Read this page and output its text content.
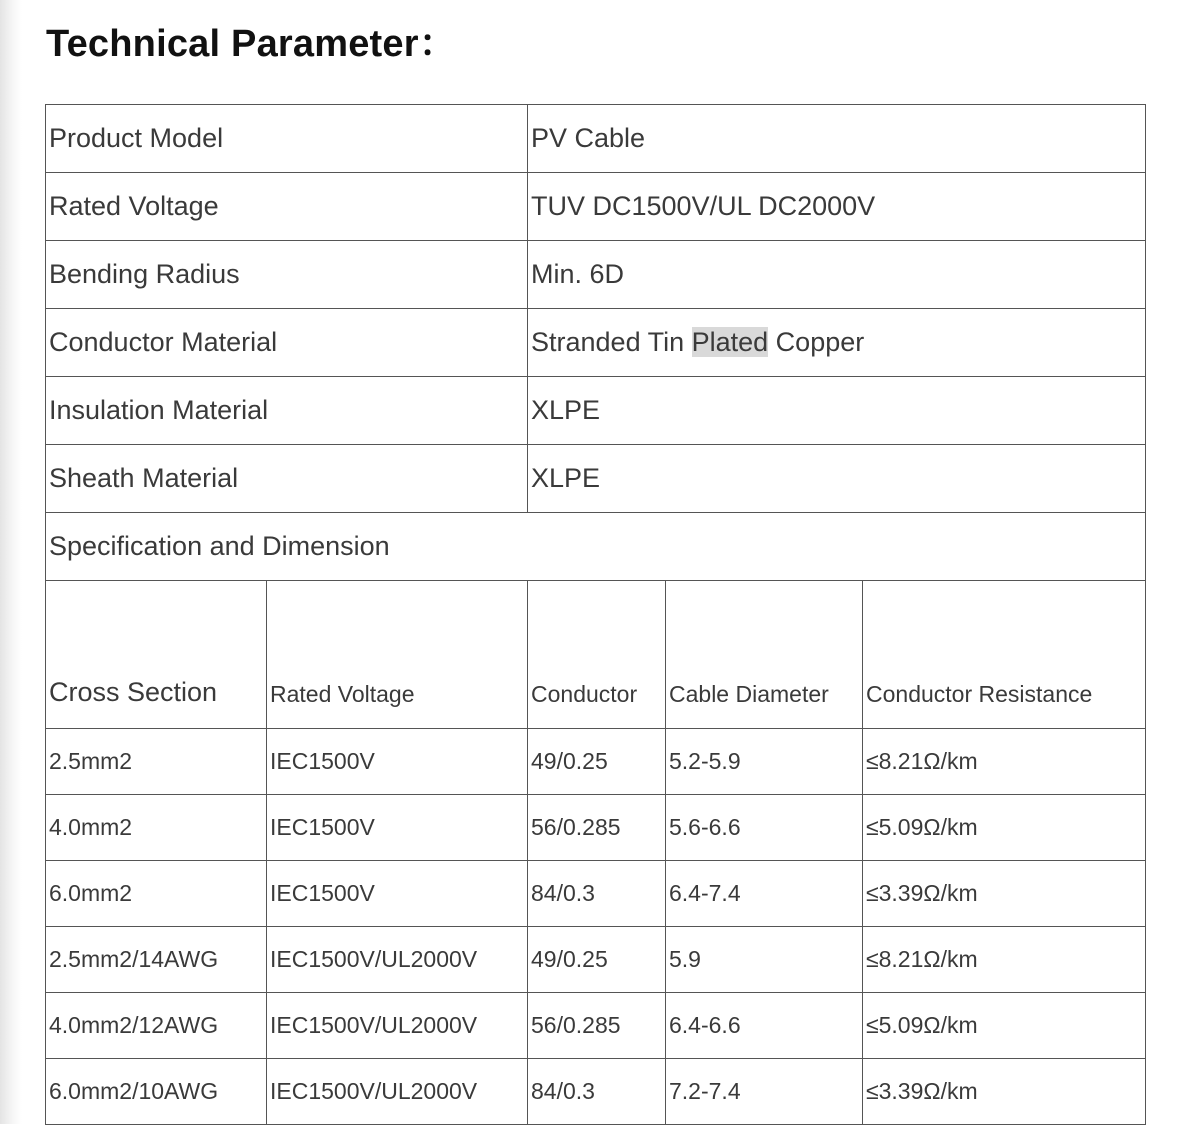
Technical Parameter：
Product Model		PV Cable		
Rated Voltage		TUV DC1500V/UL DC2000V		
Bending Radius		Min. 6D		
Conductor Material		Stranded Tin Plated Copper		
Insulation Material		XLPE		
Sheath Material		XLPE		
Specification and Dimension				
Cross Section	Rated Voltage	Conductor	Cable Diameter	Conductor Resistance
2.5mm2	IEC1500V	49/0.25	5.2-5.9	≤8.21Ω/km
4.0mm2	IEC1500V	56/0.285	5.6-6.6	≤5.09Ω/km
6.0mm2	IEC1500V	84/0.3	6.4-7.4	≤3.39Ω/km
2.5mm2/14AWG	IEC1500V/UL2000V	49/0.25	5.9	≤8.21Ω/km
4.0mm2/12AWG	IEC1500V/UL2000V	56/0.285	6.4-6.6	≤5.09Ω/km
6.0mm2/10AWG	IEC1500V/UL2000V	84/0.3	7.2-7.4	≤3.39Ω/km
